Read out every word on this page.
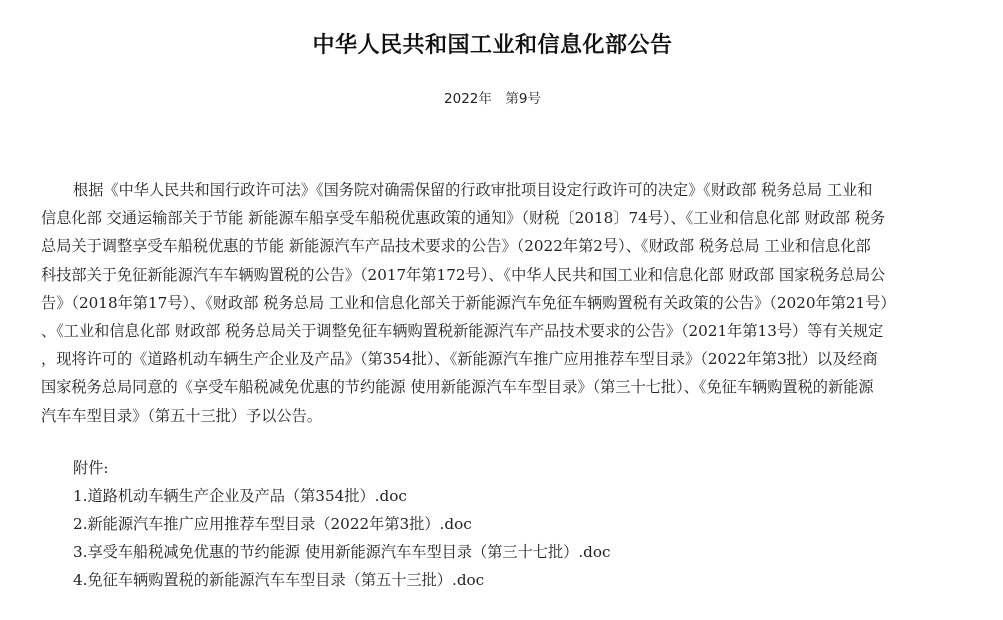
中华人民共和国工业和信息化部公告
2022年　第9号
根据《中华人民共和国行政许可法》《国务院对确需保留的行政审批项目设定行政许可的决定》《财政部 税务总局 工业和
信息化部 交通运输部关于节能 新能源车船享受车船税优惠政策的通知》（财税〔2018〕74号）、《工业和信息化部 财政部 税务
总局关于调整享受车船税优惠的节能 新能源汽车产品技术要求的公告》（2022年第2号）、《财政部 税务总局 工业和信息化部
科技部关于免征新能源汽车车辆购置税的公告》（2017年第172号）、《中华人民共和国工业和信息化部 财政部 国家税务总局公
告》（2018年第17号）、《财政部 税务总局 工业和信息化部关于新能源汽车免征车辆购置税有关政策的公告》（2020年第21号）
、《工业和信息化部 财政部 税务总局关于调整免征车辆购置税新能源汽车产品技术要求的公告》（2021年第13号）等有关规定
，现将许可的《道路机动车辆生产企业及产品》（第354批）、《新能源汽车推广应用推荐车型目录》（2022年第3批）以及经商
国家税务总局同意的《享受车船税减免优惠的节约能源 使用新能源汽车车型目录》（第三十七批）、《免征车辆购置税的新能源
汽车车型目录》（第五十三批）予以公告。
附件:
1.道路机动车辆生产企业及产品（第354批）.doc
2.新能源汽车推广应用推荐车型目录（2022年第3批）.doc
3.享受车船税减免优惠的节约能源 使用新能源汽车车型目录（第三十七批）.doc
4.免征车辆购置税的新能源汽车车型目录（第五十三批）.doc
